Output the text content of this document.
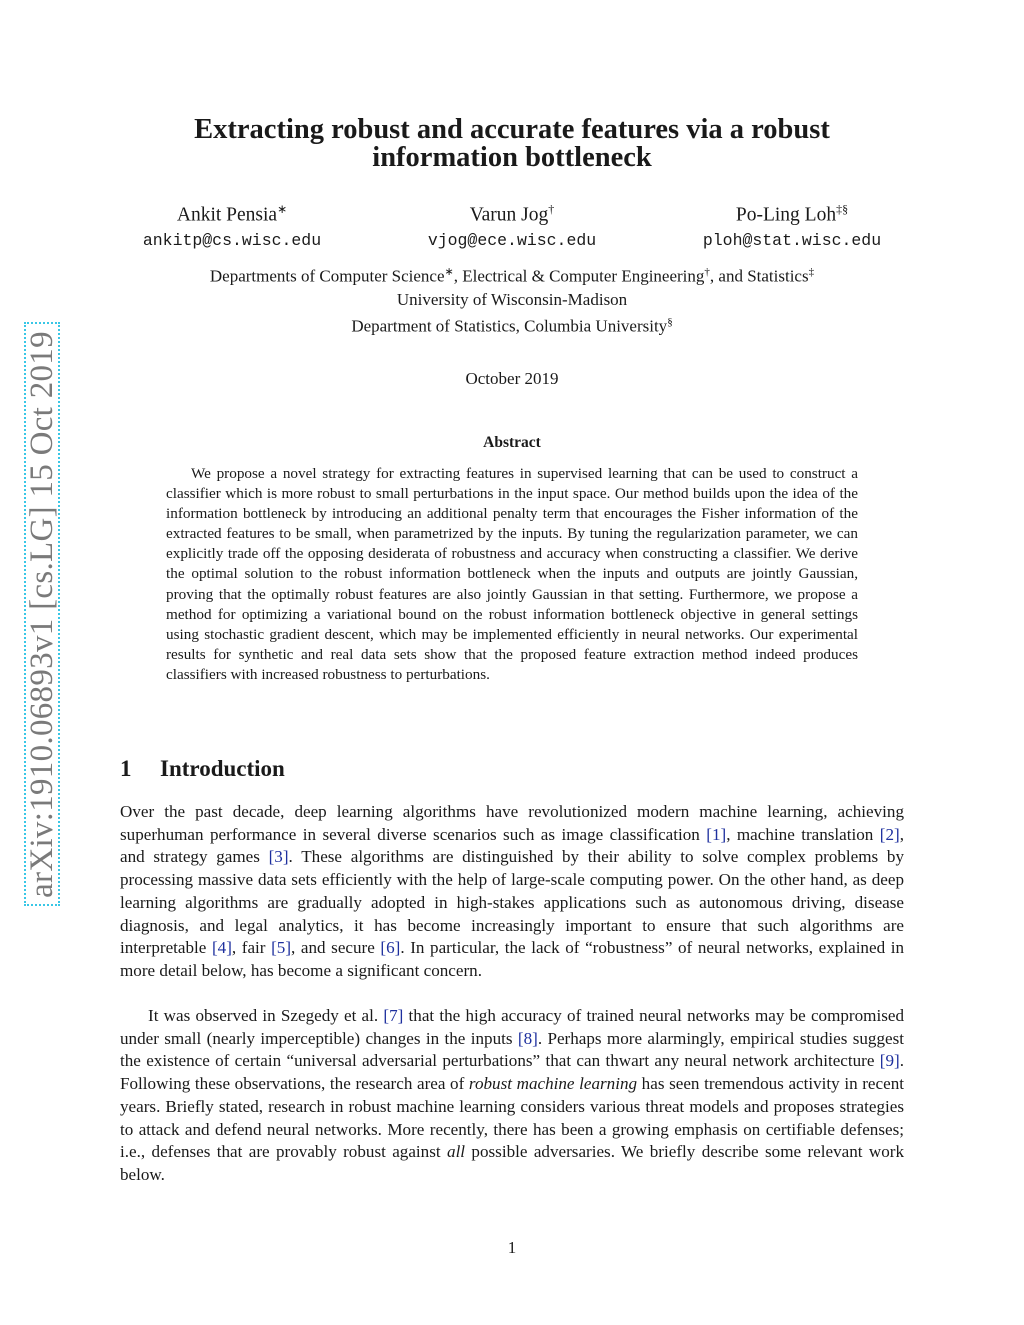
arXiv:1910.06893v1 [cs.LG] 15 Oct 2019
Extracting robust and accurate features via a robust
information bottleneck
Ankit Pensia∗
ankitp@cs.wisc.edu
Varun Jog†
vjog@ece.wisc.edu
Po-Ling Loh‡§
ploh@stat.wisc.edu
Departments of Computer Science∗, Electrical & Computer Engineering†, and Statistics‡
University of Wisconsin-Madison
Department of Statistics, Columbia University§
October 2019
Abstract

We propose a novel strategy for extracting features in supervised learning that can be used to construct a classifier which is more robust to small perturbations in the input space. Our method builds upon the idea of the information bottleneck by introducing an additional penalty term that encourages the Fisher information of the extracted features to be small, when parametrized by the inputs. By tuning the regularization parameter, we can explicitly trade off the opposing desiderata of robustness and accuracy when constructing a classifier. We derive the optimal solution to the robust information bottleneck when the inputs and outputs are jointly Gaussian, proving that the optimally robust features are also jointly Gaussian in that setting. Furthermore, we propose a method for optimizing a variational bound on the robust information bottleneck objective in general settings using stochastic gradient descent, which may be implemented efficiently in neural networks. Our experimental results for synthetic and real data sets show that the proposed feature extraction method indeed produces classifiers with increased robustness to perturbations.

1 Introduction

Over the past decade, deep learning algorithms have revolutionized modern machine learning, achieving superhuman performance in several diverse scenarios such as image classification [1], machine translation [2], and strategy games [3]. These algorithms are distinguished by their ability to solve complex problems by processing massive data sets efficiently with the help of large-scale computing power. On the other hand, as deep learning algorithms are gradually adopted in high-stakes applications such as autonomous driving, disease diagnosis, and legal analytics, it has become increasingly important to ensure that such algorithms are interpretable [4], fair [5], and secure [6]. In particular, the lack of “robustness” of neural networks, explained in more detail below, has become a significant concern.

It was observed in Szegedy et al. [7] that the high accuracy of trained neural networks may be compromised under small (nearly imperceptible) changes in the inputs [8]. Perhaps more alarmingly, empirical studies suggest the existence of certain “universal adversarial perturbations” that can thwart any neural network architecture [9]. Following these observations, the research area of robust machine learning has seen tremendous activity in recent years. Briefly stated, research in robust machine learning considers various threat models and proposes strategies to attack and defend neural networks. More recently, there has been a growing emphasis on certifiable defenses; i.e., defenses that are provably robust against all possible adversaries. We briefly describe some relevant work below.

1
